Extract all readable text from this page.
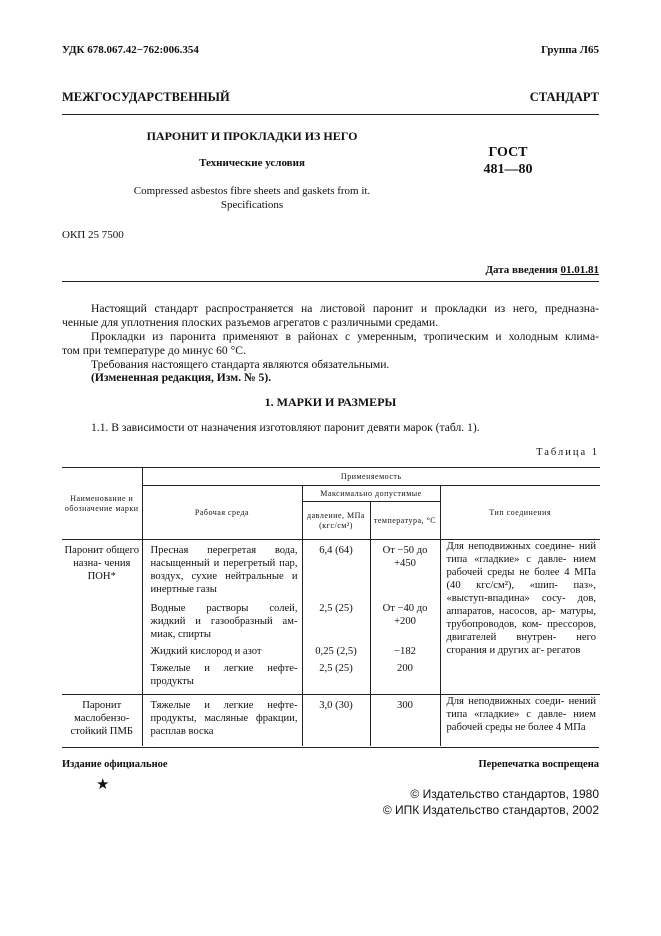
УДК 678.067.42−762:006.354	Группа Л65
МЕЖГОСУДАРСТВЕННЫЙ	СТАНДАРТ
ПАРОНИТ И ПРОКЛАДКИ ИЗ НЕГО
Технические условия
Compressed asbestos fibre sheets and gaskets from it.
Specifications
ГОСТ
481—80
ОКП 25 7500
Дата введения 01.01.81
Настоящий стандарт распространяется на листовой паронит и прокладки из него, предназна-
ченные для уплотнения плоских разъемов агрегатов с различными средами.
Прокладки из паронита применяют в районах с умеренным, тропическим и холодным климa-
том при температуре до минус 60 °С.
Требования настоящего стандарта являются обязательными.
(Измененная редакция, Изм. № 5).
1. МАРКИ И РАЗМЕРЫ
1.1. В зависимости от назначения изготовляют паронит девяти марок (табл. 1).
Таблица 1
Наименование и обозначение марки	Применяемость			
	Рабочая среда	Максимально допустимые		Тип соединения
		давление, МПа (кгс/см²)	температура, °С	
Паронит общего назна- чения ПОН*	Пресная перегретая вода, насыщенный и перегретый пар, воздух, сухие нейтральные и инертные газы	6,4 (64)	От −50 до +450	Для неподвижных соедине- ний типа «гладкие» с давле- нием рабочей среды не более 4 МПа (40 кгс/см²), «шип- паз», «выступ-впадина» сосу- дов, аппаратов, насосов, ар- матуры, трубопроводов, ком- прессоров, двигателей внутрен- него сгорания и других аг- регатов
	Водные растворы солей, жидкий и газообразный ам- миак, спирты	2,5 (25)	От −40 до +200	
	Жидкий кислород и азот	0,25 (2,5)	−182	
	Тяжелые и легкие нефте- продукты	2,5 (25)	200	
Паронит маслобензо- стойкий ПМБ	Тяжелые и легкие нефте- продукты, масляные фракции, расплав воска	3,0 (30)	300	Для неподвижных соеди- нений типа «гладкие» с давле- нием рабочей среды не более 4 МПа
Издание официальное	Перепечатка воспрещена
★
© Издательство стандартов, 1980
© ИПК Издательство стандартов, 2002
